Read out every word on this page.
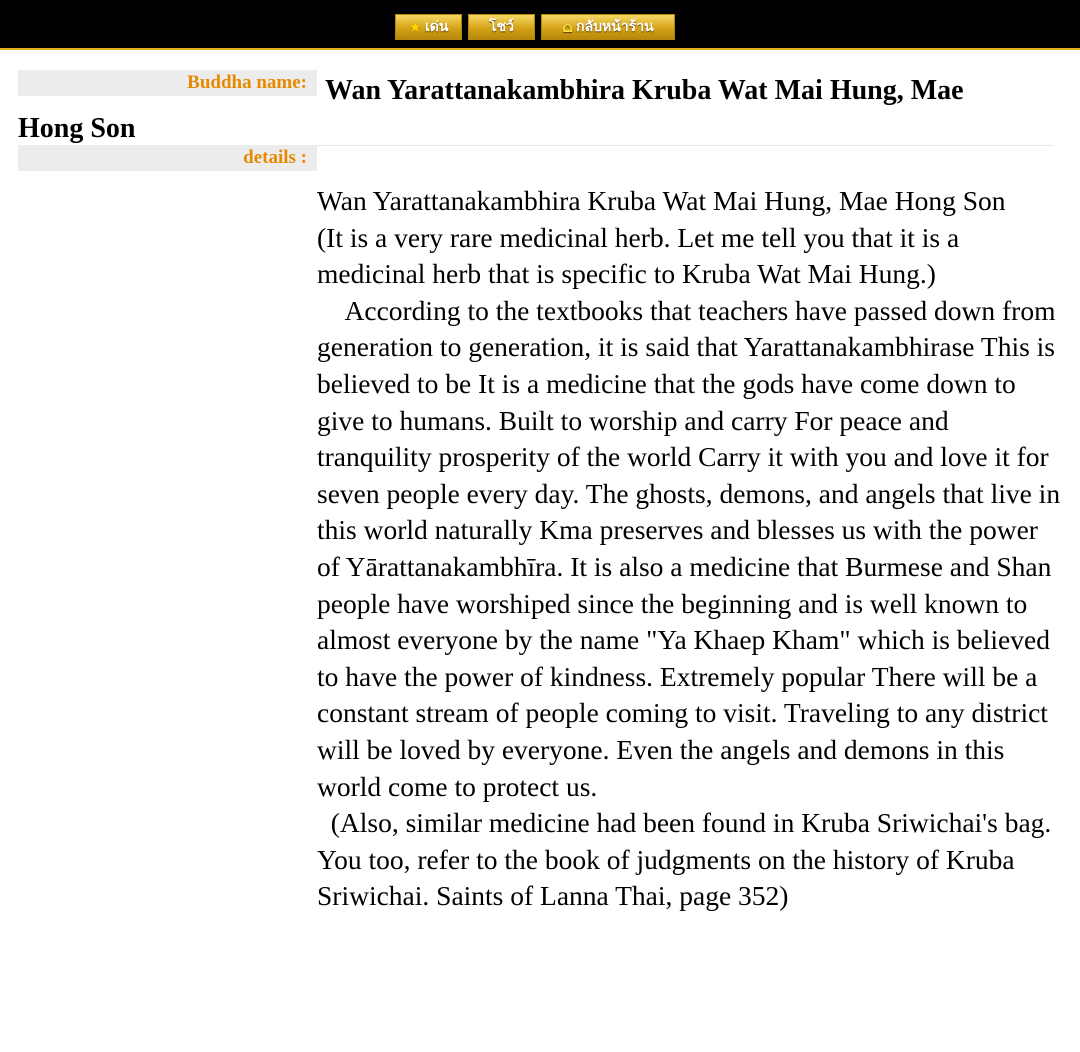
★ เด่น	โชว์	⌂ กลับหน้าร้าน
Buddha name: Wan Yarattanakambhira Kruba Wat Mai Hung, Mae Hong Son
details :
Wan Yarattanakambhira Kruba Wat Mai Hung, Mae Hong Son
(It is a very rare medicinal herb. Let me tell you that it is a medicinal herb that is specific to Kruba Wat Mai Hung.)
According to the textbooks that teachers have passed down from generation to generation, it is said that Yarattanakambhirase This is believed to be It is a medicine that the gods have come down to give to humans. Built to worship and carry For peace and tranquility prosperity of the world Carry it with you and love it for seven people every day. The ghosts, demons, and angels that live in this world naturally Kma preserves and blesses us with the power of Yārattanakambhīra. It is also a medicine that Burmese and Shan people have worshiped since the beginning and is well known to almost everyone by the name "Ya Khaep Kham" which is believed to have the power of kindness. Extremely popular There will be a constant stream of people coming to visit. Traveling to any district will be loved by everyone. Even the angels and demons in this world come to protect us.
(Also, similar medicine had been found in Kruba Sriwichai's bag. You too, refer to the book of judgments on the history of Kruba Sriwichai. Saints of Lanna Thai, page 352)
